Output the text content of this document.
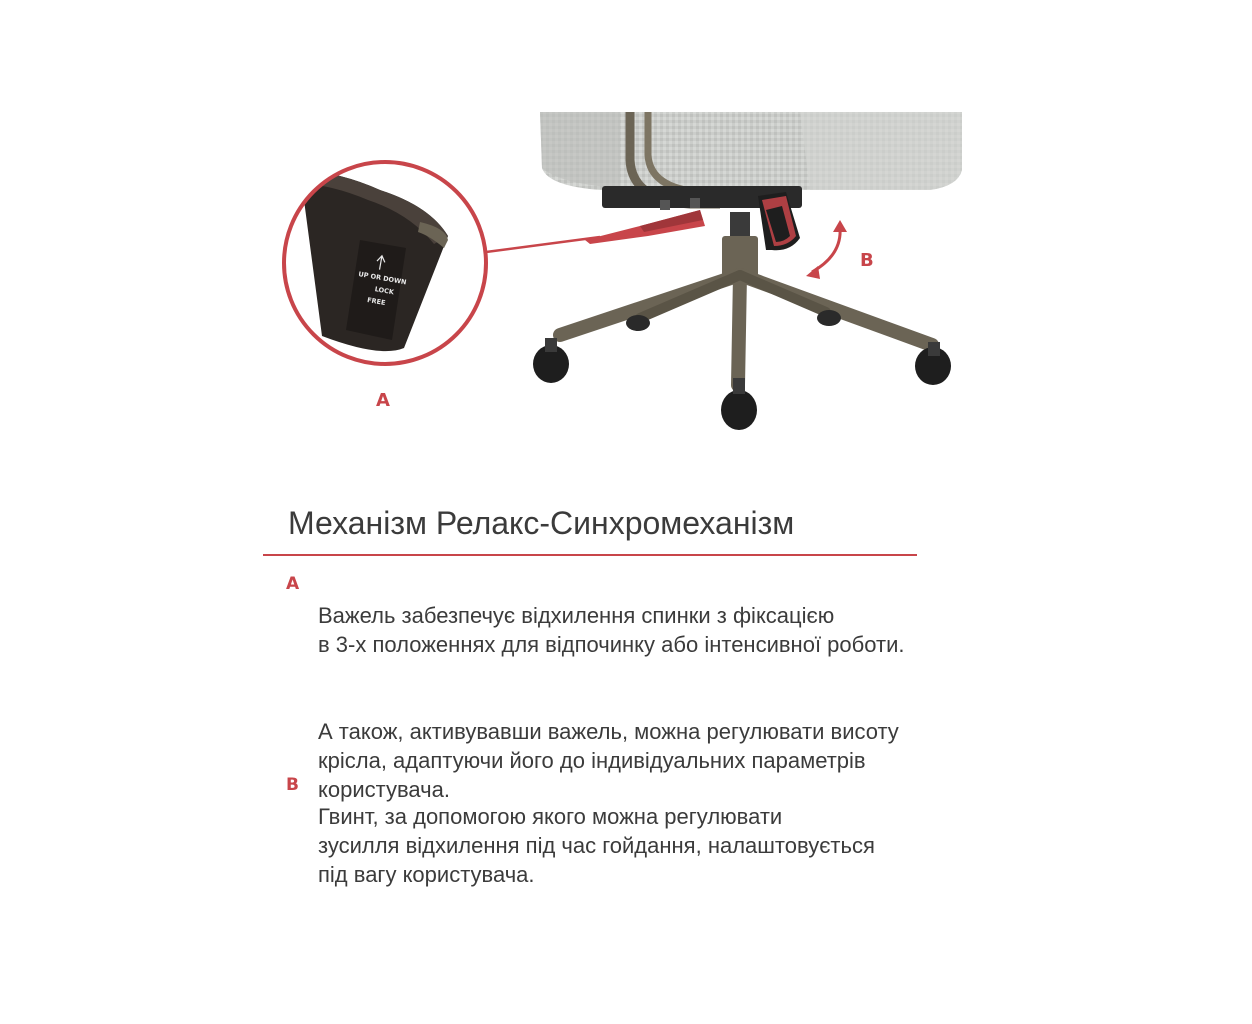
UP OR DOWN
LOCK
FREE
A
B
Механізм Релакс-Синхромеханізм
A

Важель забезпечує відхилення спинки з фіксацією
в 3-х положеннях для відпочинку або інтенсивної роботи.

А також, активувавши важель, можна регулювати висоту
крісла, адаптуючи його до індивідуальних параметрів
користувача.

B

Гвинт, за допомогою якого можна регулювати
зусилля відхилення під час гойдання, налаштовується
під вагу користувача.
